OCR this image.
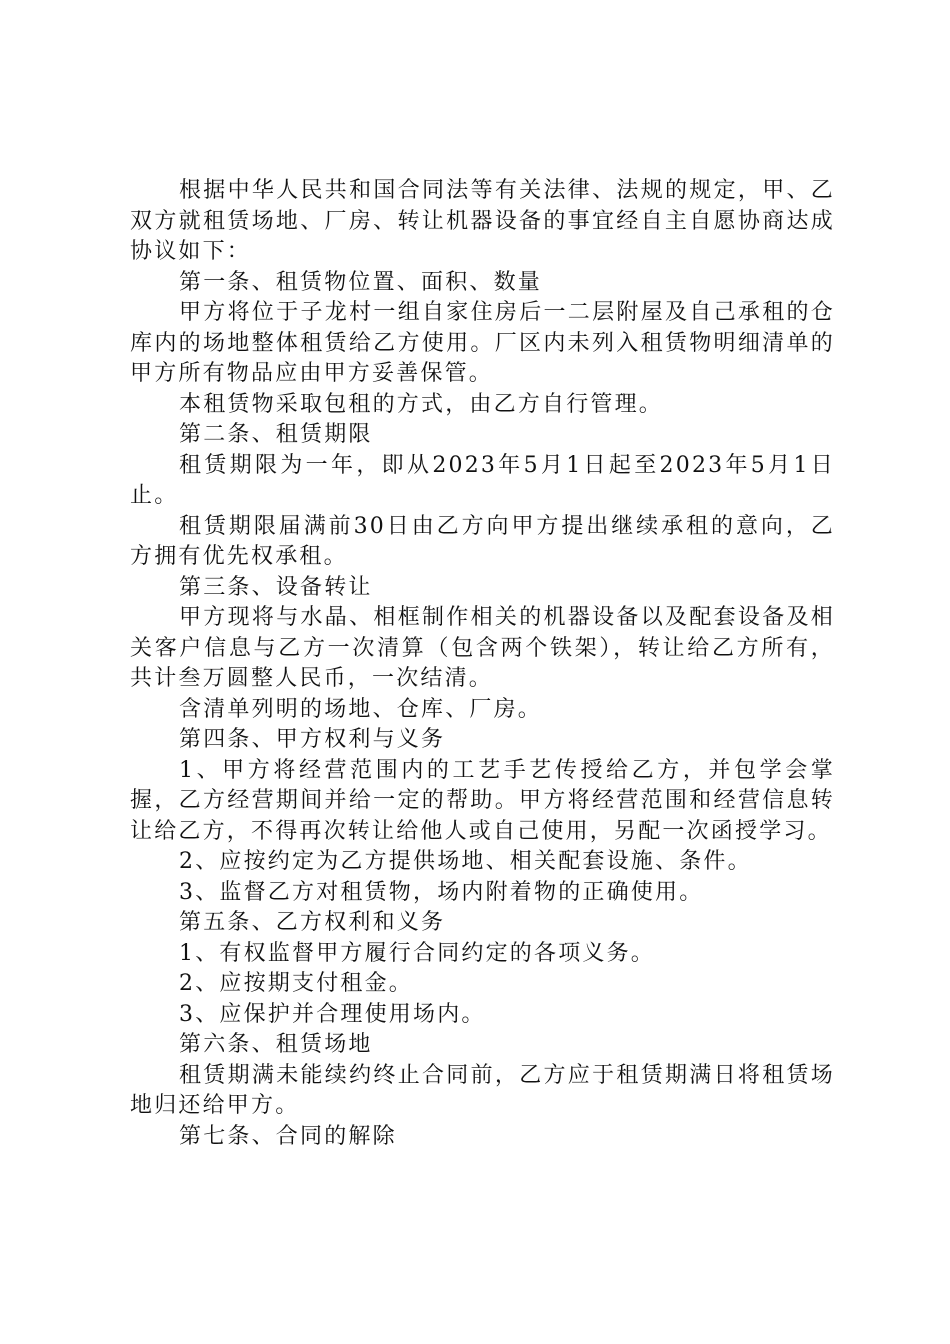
根据中华人民共和国合同法等有关法律、法规的规定，甲、乙双方就租赁场地、厂房、转让机器设备的事宜经自主自愿协商达成协议如下：

第一条、租赁物位置、面积、数量

甲方将位于子龙村一组自家住房后一二层附屋及自己承租的仓库内的场地整体租赁给乙方使用。厂区内未列入租赁物明细清单的甲方所有物品应由甲方妥善保管。

本租赁物采取包租的方式，由乙方自行管理。

第二条、租赁期限

租赁期限为一年，即从2023年5月1日起至2023年5月1日止。

租赁期限届满前30日由乙方向甲方提出继续承租的意向，乙方拥有优先权承租。

第三条、设备转让

甲方现将与水晶、相框制作相关的机器设备以及配套设备及相关客户信息与乙方一次清算（包含两个铁架），转让给乙方所有，共计叁万圆整人民币，一次结清。

含清单列明的场地、仓库、厂房。

第四条、甲方权利与义务

1、甲方将经营范围内的工艺手艺传授给乙方，并包学会掌握，乙方经营期间并给一定的帮助。甲方将经营范围和经营信息转让给乙方，不得再次转让给他人或自己使用，另配一次函授学习。

2、应按约定为乙方提供场地、相关配套设施、条件。

3、监督乙方对租赁物，场内附着物的正确使用。

第五条、乙方权利和义务

1、有权监督甲方履行合同约定的各项义务。

2、应按期支付租金。

3、应保护并合理使用场内。

第六条、租赁场地

租赁期满未能续约终止合同前，乙方应于租赁期满日将租赁场地归还给甲方。

第七条、合同的解除
